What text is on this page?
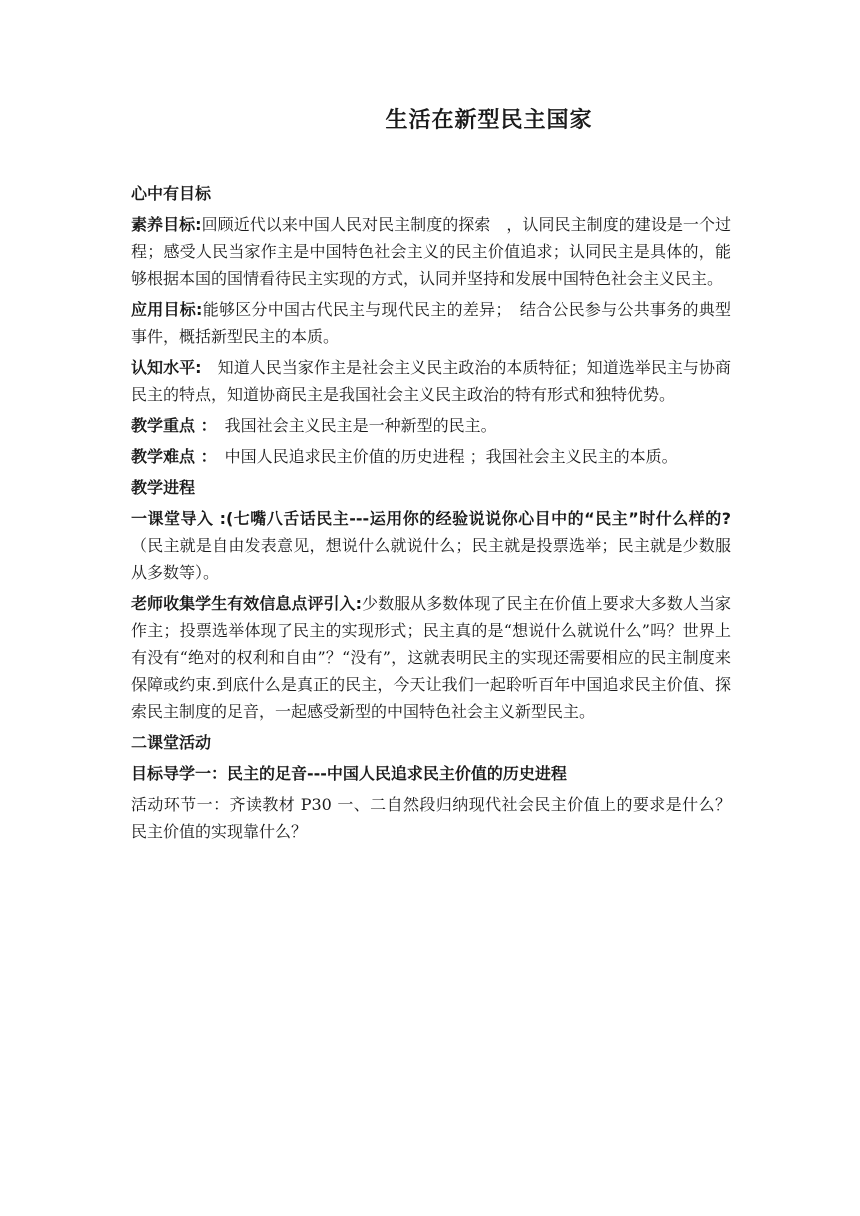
生活在新型民主国家

心中有目标

素养目标:回顾近代以来中国人民对民主制度的探索　，认同民主制度的建设是一个过程；感受人民当家作主是中国特色社会主义的民主价值追求；认同民主是具体的，能够根据本国的国情看待民主实现的方式，认同并坚持和发展中国特色社会主义民主。

应用目标:能够区分中国古代民主与现代民主的差异；　结合公民参与公共事务的典型事件，概括新型民主的本质。

认知水平:　知道人民当家作主是社会主义民主政治的本质特征；知道选举民主与协商民主的特点，知道协商民主是我国社会主义民主政治的特有形式和独特优势。

教学重点 ：　我国社会主义民主是一种新型的民主。

教学难点 ：　中国人民追求民主价值的历史进程 ；我国社会主义民主的本质。

教学进程

一课堂导入 :(七嘴八舌话民主---运用你的经验说说你心目中的“民主”时什么样的?（民主就是自由发表意见，想说什么就说什么；民主就是投票选举；民主就是少数服从多数等）。

老师收集学生有效信息点评引入:少数服从多数体现了民主在价值上要求大多数人当家作主；投票选举体现了民主的实现形式；民主真的是“想说什么就说什么”吗？世界上有没有“绝对的权利和自由”？“没有”，这就表明民主的实现还需要相应的民主制度来保障或约束.到底什么是真正的民主，今天让我们一起聆听百年中国追求民主价值、探索民主制度的足音，一起感受新型的中国特色社会主义新型民主。

二课堂活动

目标导学一：民主的足音---中国人民追求民主价值的历史进程

活动环节一：齐读教材 P30 一、二自然段归纳现代社会民主价值上的要求是什么？民主价值的实现靠什么？
